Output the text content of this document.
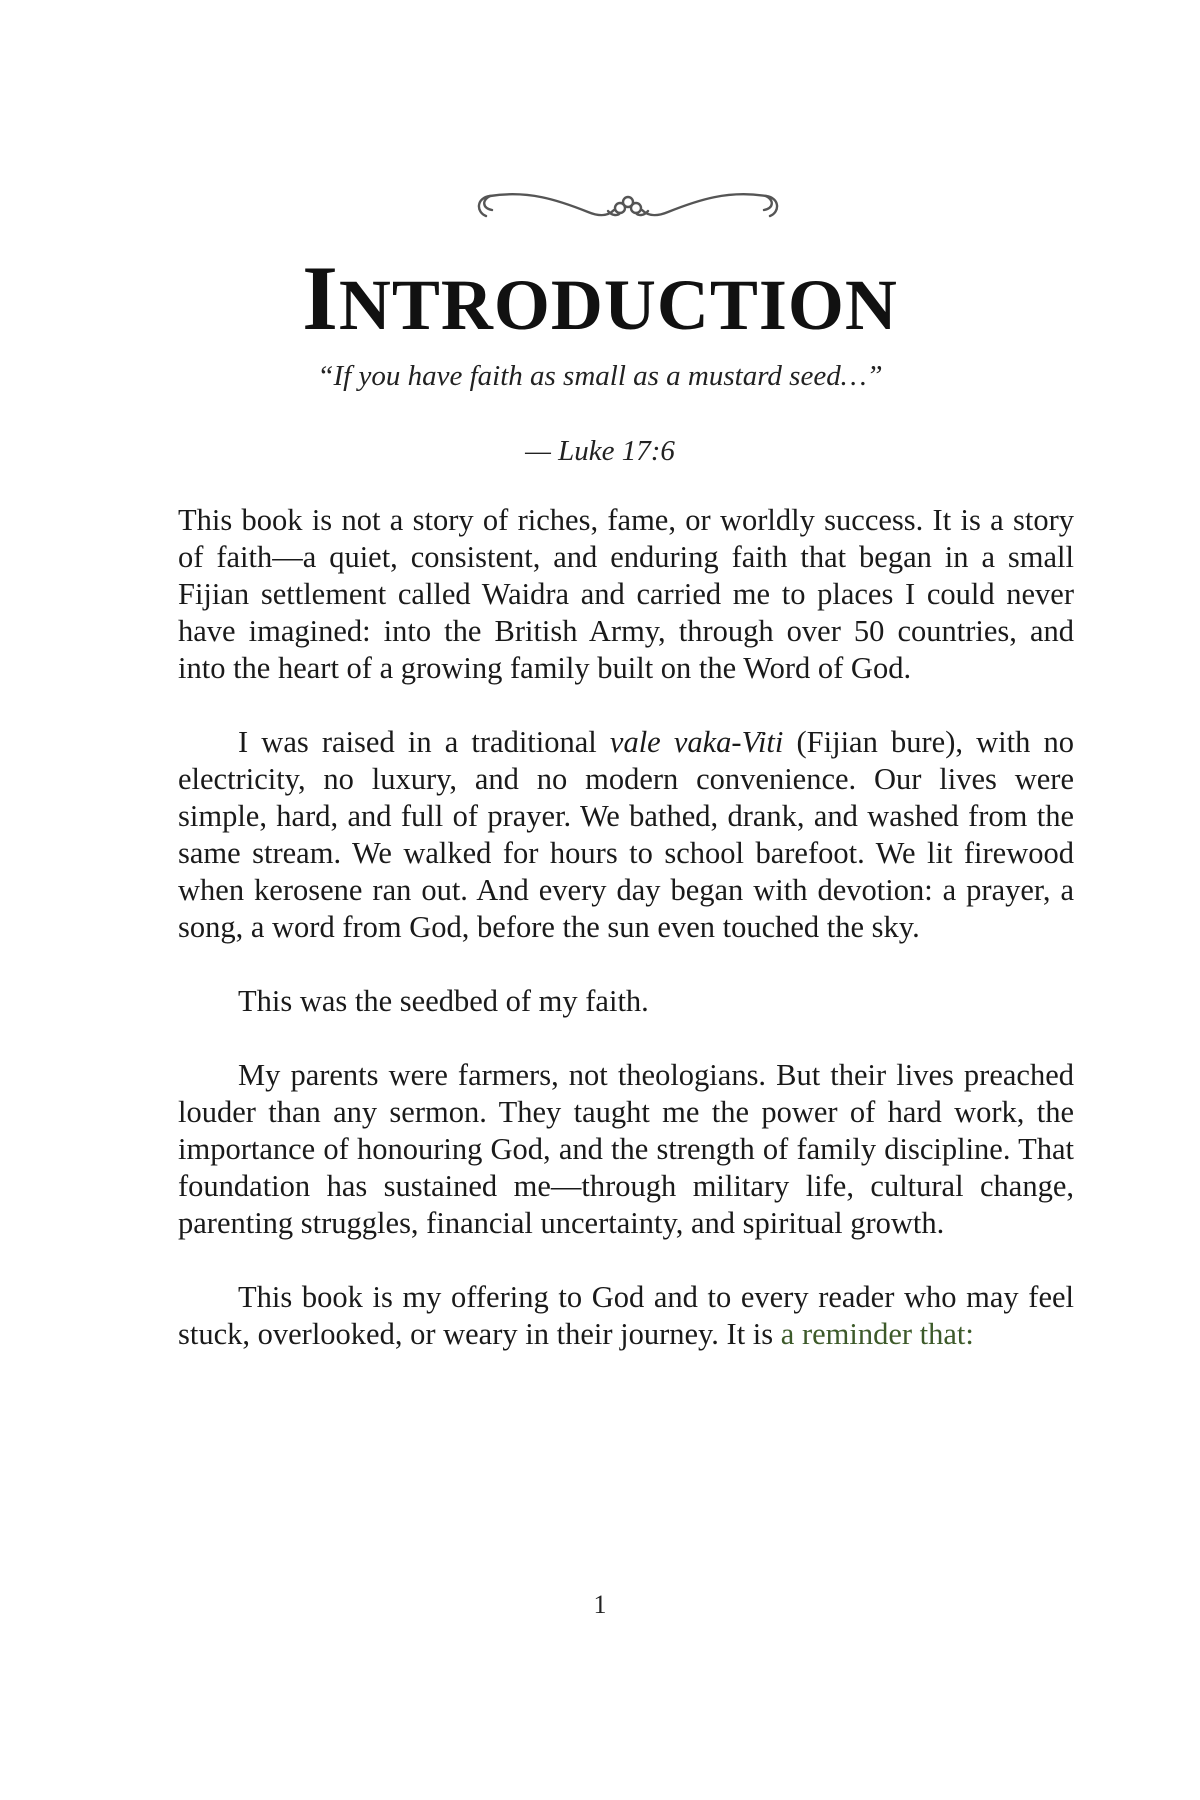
INTRODUCTION
“If you have faith as small as a mustard seed…”
— Luke 17:6

This book is not a story of riches, fame, or worldly success. It is a story of faith—a quiet, consistent, and enduring faith that began in a small Fijian settlement called Waidra and carried me to places I could never have imagined: into the British Army, through over 50 countries, and into the heart of a growing family built on the Word of God.

I was raised in a traditional vale vaka-Viti (Fijian bure), with no electricity, no luxury, and no modern convenience. Our lives were simple, hard, and full of prayer. We bathed, drank, and washed from the same stream. We walked for hours to school barefoot. We lit firewood when kerosene ran out. And every day began with devotion: a prayer, a song, a word from God, before the sun even touched the sky.

This was the seedbed of my faith.

My parents were farmers, not theologians. But their lives preached louder than any sermon. They taught me the power of hard work, the importance of honouring God, and the strength of family discipline. That foundation has sustained me—through military life, cultural change, parenting struggles, financial uncertainty, and spiritual growth.

This book is my offering to God and to every reader who may feel stuck, overlooked, or weary in their journey. It is a reminder that:

1
